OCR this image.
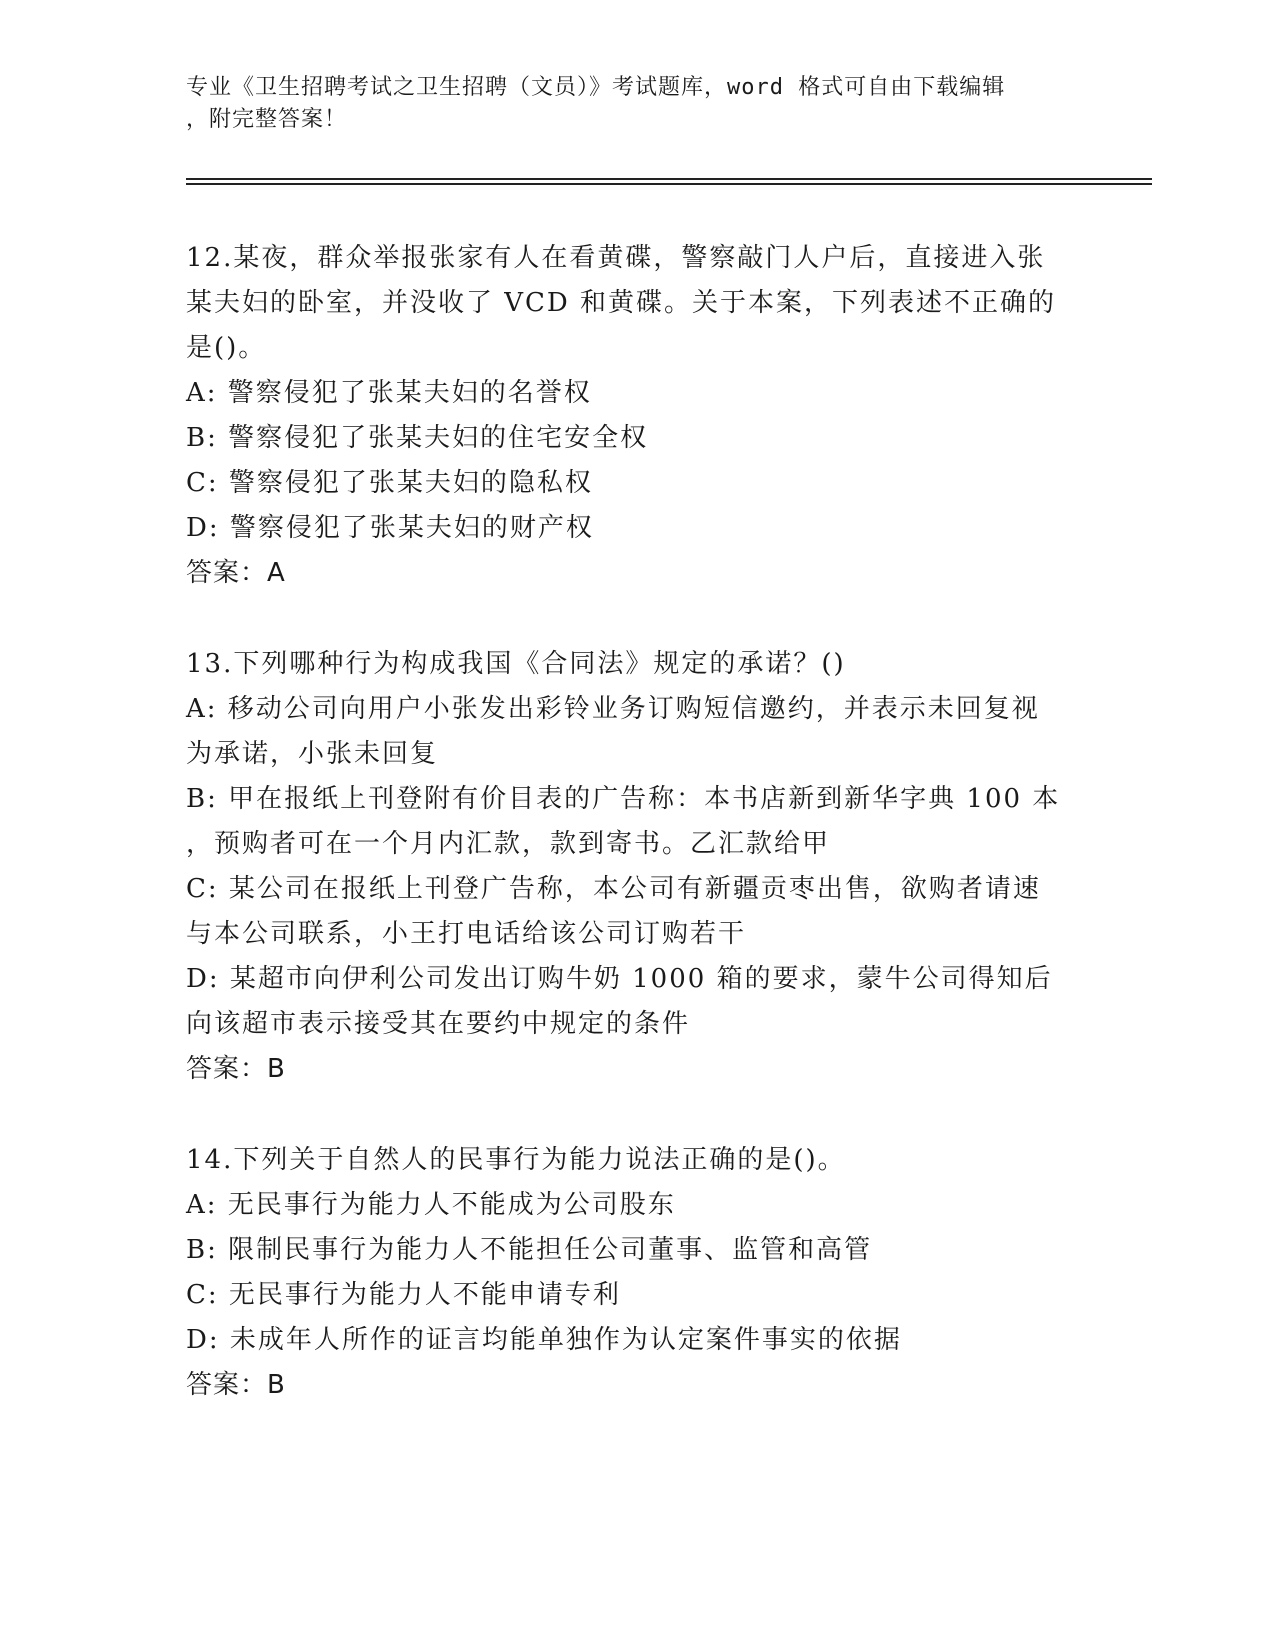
专业《卫生招聘考试之卫生招聘（文员）》考试题库，word 格式可自由下载编辑
，附完整答案！
12.某夜，群众举报张家有人在看黄碟，警察敲门人户后，直接进入张
某夫妇的卧室，并没收了 VCD 和黄碟。关于本案，下列表述不正确的
是()。
A: 警察侵犯了张某夫妇的名誉权
B: 警察侵犯了张某夫妇的住宅安全权
C: 警察侵犯了张某夫妇的隐私权
D: 警察侵犯了张某夫妇的财产权
答案：A
13.下列哪种行为构成我国《合同法》规定的承诺？()
A: 移动公司向用户小张发出彩铃业务订购短信邀约，并表示未回复视
为承诺，小张未回复
B: 甲在报纸上刊登附有价目表的广告称：本书店新到新华字典 100 本
，预购者可在一个月内汇款，款到寄书。乙汇款给甲
C: 某公司在报纸上刊登广告称，本公司有新疆贡枣出售，欲购者请速
与本公司联系，小王打电话给该公司订购若干
D: 某超市向伊利公司发出订购牛奶 1000 箱的要求，蒙牛公司得知后
向该超市表示接受其在要约中规定的条件
答案：B
14.下列关于自然人的民事行为能力说法正确的是()。
A: 无民事行为能力人不能成为公司股东
B: 限制民事行为能力人不能担任公司董事、监管和高管
C: 无民事行为能力人不能申请专利
D: 未成年人所作的证言均能单独作为认定案件事实的依据
答案：B
